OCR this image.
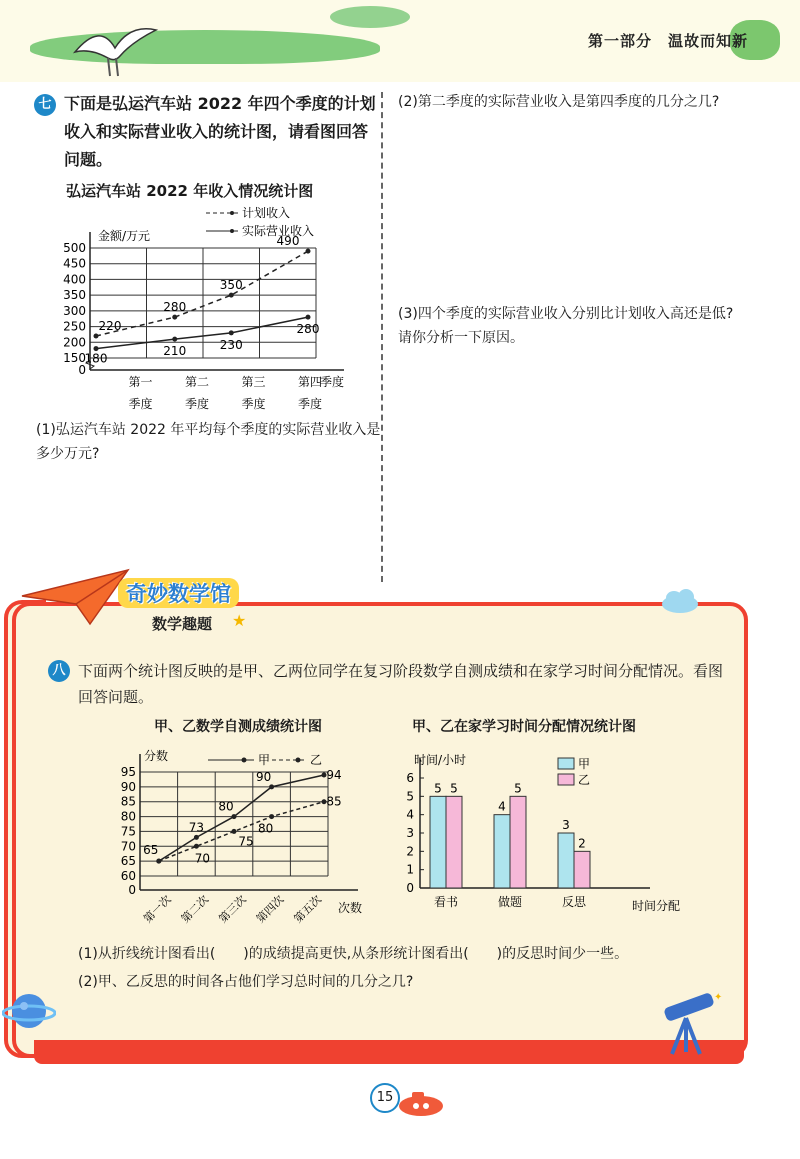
第一部分　温故而知新
七 下面是弘运汽车站 2022 年四个季度的计划收入和实际营业收入的统计图，请看图回答问题。
弘运汽车站 2022 年收入情况统计图
0
150
200
250
300
350
400
450
500
金额/万元
季度
第一	第二	第三	第四
季度	季度	季度	季度
计划收入
实际营业收入
220
280
350
490
180
210	230
280
(1)弘运汽车站 2022 年平均每个季度的实际营业收入是多少万元?
(2)第二季度的实际营业收入是第四季度的几分之几?
(3)四个季度的实际营业收入分别比计划收入高还是低?请你分析一下原因。
奇妙数学馆
数学趣题 ★
八 下面两个统计图反映的是甲、乙两位同学在复习阶段数学自测成绩和在家学习时间分配情况。看图回答问题。
甲、乙数学自测成绩统计图	甲、乙在家学习时间分配情况统计图
0
60
65
70
75
80
85
90
95
分数
次数
第一次 第二次 第三次 第四次 第五次
甲	乙
65
73
80
90	94
70
75
80
85
0
1
2
3
4
5
6
时间/小时
时间分配
5 5
看书
4
5
做题
3
2
反思
甲
乙
(1)从折线统计图看出(　　)的成绩提高更快,从条形统计图看出(　　)的反思时间少一些。
(2)甲、乙反思的时间各占他们学习总时间的几分之几?
✦
15
